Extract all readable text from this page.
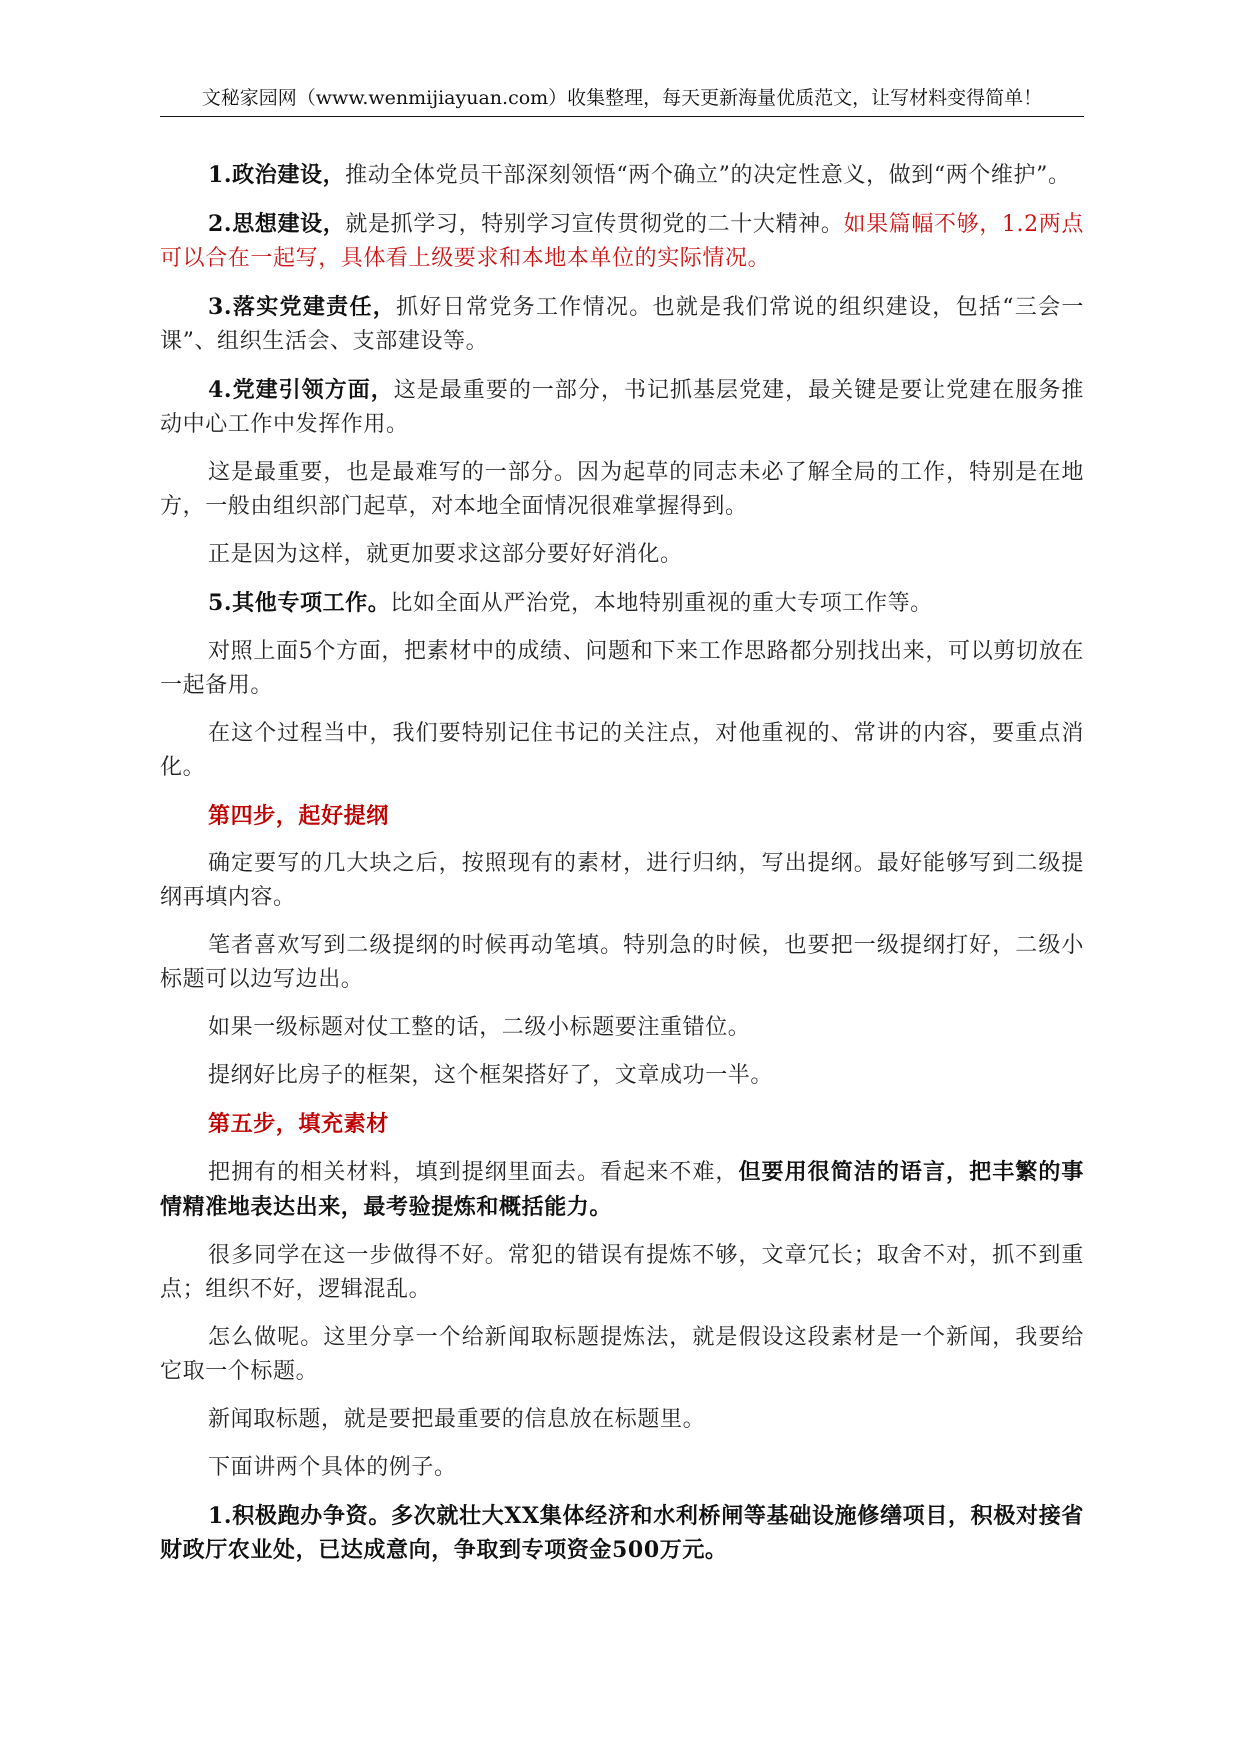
文秘家园网（www.wenmijiayuan.com）收集整理，每天更新海量优质范文，让写材料变得简单！

1.政治建设，推动全体党员干部深刻领悟“两个确立”的决定性意义，做到“两个维护”。

2.思想建设，就是抓学习，特别学习宣传贯彻党的二十大精神。如果篇幅不够，1.2两点可以合在一起写，具体看上级要求和本地本单位的实际情况。

3.落实党建责任，抓好日常党务工作情况。也就是我们常说的组织建设，包括“三会一课”、组织生活会、支部建设等。

4.党建引领方面，这是最重要的一部分，书记抓基层党建，最关键是要让党建在服务推动中心工作中发挥作用。

这是最重要，也是最难写的一部分。因为起草的同志未必了解全局的工作，特别是在地方，一般由组织部门起草，对本地全面情况很难掌握得到。

正是因为这样，就更加要求这部分要好好消化。

5.其他专项工作。比如全面从严治党，本地特别重视的重大专项工作等。

对照上面5个方面，把素材中的成绩、问题和下来工作思路都分别找出来，可以剪切放在一起备用。

在这个过程当中，我们要特别记住书记的关注点，对他重视的、常讲的内容，要重点消化。

第四步，起好提纲

确定要写的几大块之后，按照现有的素材，进行归纳，写出提纲。最好能够写到二级提纲再填内容。

笔者喜欢写到二级提纲的时候再动笔填。特别急的时候，也要把一级提纲打好，二级小标题可以边写边出。

如果一级标题对仗工整的话，二级小标题要注重错位。

提纲好比房子的框架，这个框架搭好了，文章成功一半。

第五步，填充素材

把拥有的相关材料，填到提纲里面去。看起来不难，但要用很简洁的语言，把丰繁的事情精准地表达出来，最考验提炼和概括能力。

很多同学在这一步做得不好。常犯的错误有提炼不够，文章冗长；取舍不对，抓不到重点；组织不好，逻辑混乱。

怎么做呢。这里分享一个给新闻取标题提炼法，就是假设这段素材是一个新闻，我要给它取一个标题。

新闻取标题，就是要把最重要的信息放在标题里。

下面讲两个具体的例子。

1.积极跑办争资。多次就壮大XX集体经济和水利桥闸等基础设施修缮项目，积极对接省财政厅农业处，已达成意向，争取到专项资金500万元。
